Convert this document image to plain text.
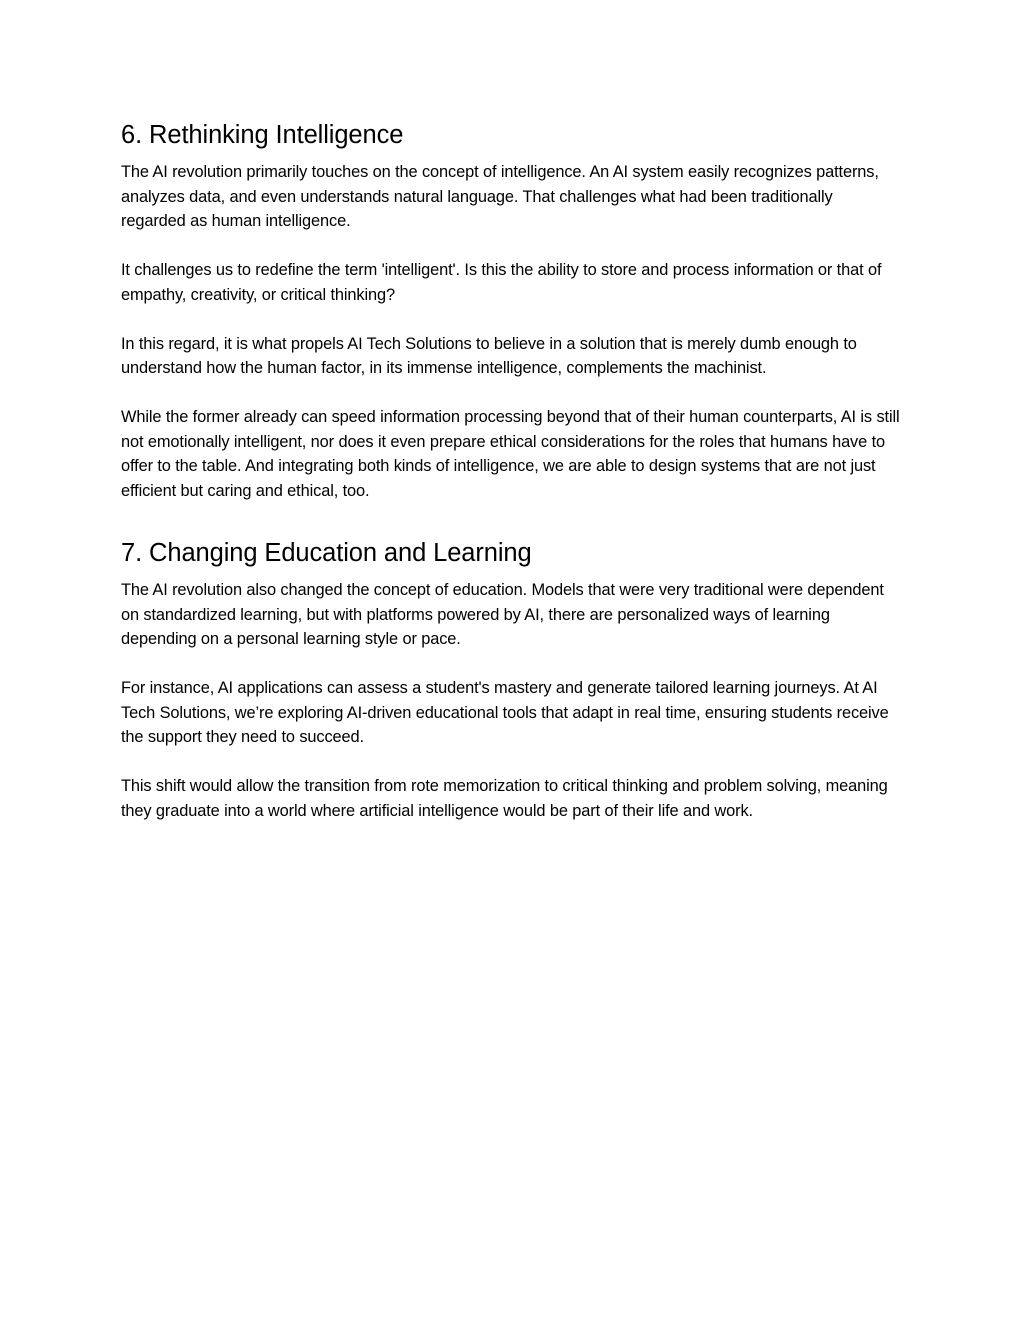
6. Rethinking Intelligence

The AI revolution primarily touches on the concept of intelligence. An AI system easily recognizes patterns, analyzes data, and even understands natural language. That challenges what had been traditionally regarded as human intelligence.

It challenges us to redefine the term 'intelligent'. Is this the ability to store and process information or that of empathy, creativity, or critical thinking?

In this regard, it is what propels AI Tech Solutions to believe in a solution that is merely dumb enough to understand how the human factor, in its immense intelligence, complements the machinist.

While the former already can speed information processing beyond that of their human counterparts, AI is still not emotionally intelligent, nor does it even prepare ethical considerations for the roles that humans have to offer to the table. And integrating both kinds of intelligence, we are able to design systems that are not just efficient but caring and ethical, too.

7. Changing Education and Learning

The AI revolution also changed the concept of education. Models that were very traditional were dependent on standardized learning, but with platforms powered by AI, there are personalized ways of learning depending on a personal learning style or pace.

For instance, AI applications can assess a student's mastery and generate tailored learning journeys. At AI Tech Solutions, we’re exploring AI-driven educational tools that adapt in real time, ensuring students receive the support they need to succeed.

This shift would allow the transition from rote memorization to critical thinking and problem solving, meaning they graduate into a world where artificial intelligence would be part of their life and work.
